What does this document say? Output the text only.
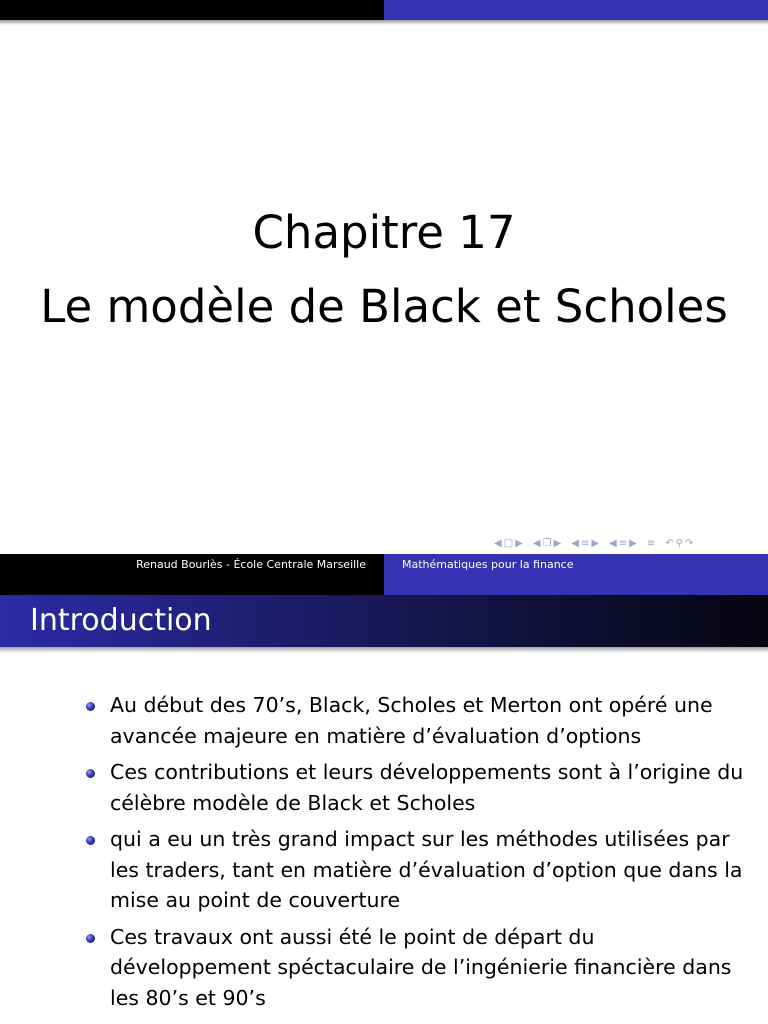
Chapitre 17
Le modèle de Black et Scholes
◀ □ ▶ ◀ ❐ ▶ ◀ ≡ ▶ ◀ ≡ ▶ ≡ ↶ ⚲ ↷
Renaud Bourlès - École Centrale Marseille	Mathématiques pour la finance
Introduction
Au début des 70’s, Black, Scholes et Merton ont opéré une avancée majeure en matière d’évaluation d’options
Ces contributions et leurs développements sont à l’origine du célèbre modèle de Black et Scholes
qui a eu un très grand impact sur les méthodes utilisées par les traders, tant en matière d’évaluation d’option que dans la mise au point de couverture
Ces travaux ont aussi été le point de départ du développement spéctaculaire de l’ingénierie financière dans les 80’s et 90’s
